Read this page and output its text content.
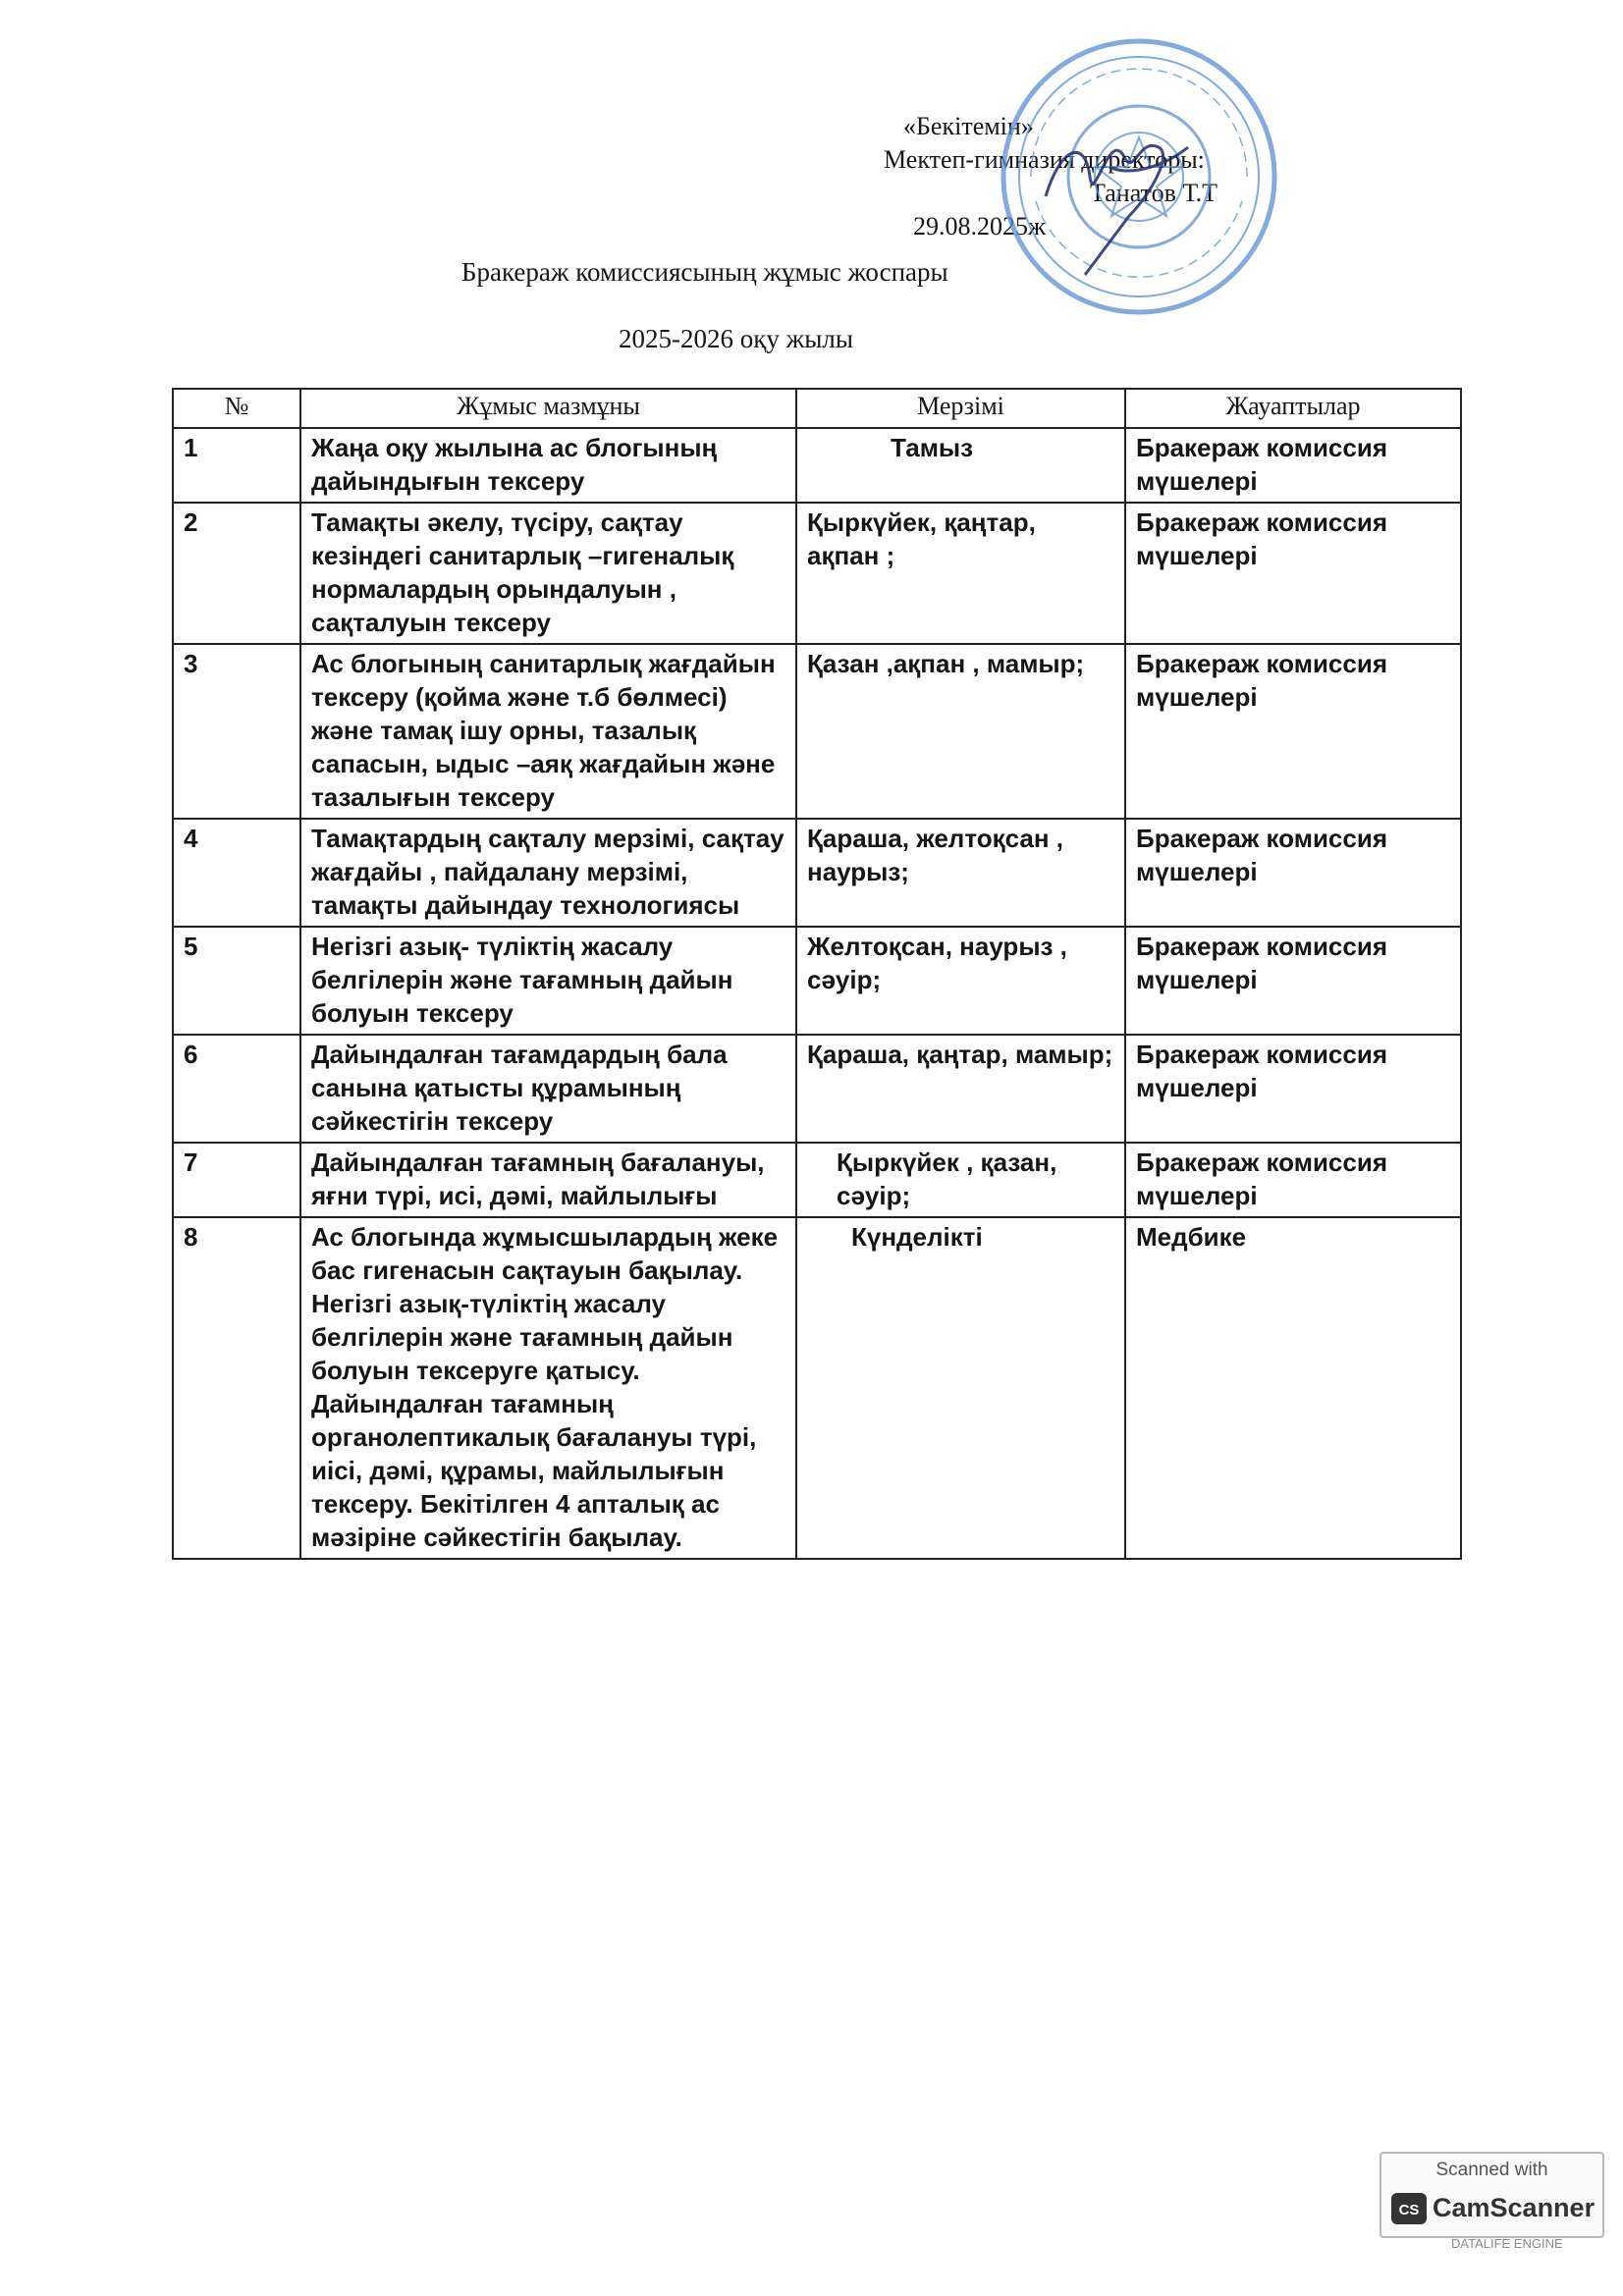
«Бекітемін»
Мектеп-гимназия директоры:
Танатов Т.Т
29.08.2025ж
Бракераж комиссиясының жұмыс жоспары
2025-2026 оқу жылы
№	Жұмыс мазмұны	Мерзімі	Жауаптылар
1	Жаңа оқу жылына ас блогының дайындығын тексеру	Тамыз	Бракераж комиссия мүшелері
2	Тамақты әкелу, түсіру, сақтау кезіндегі санитарлық –гигеналық нормалардың орындалуын , сақталуын тексеру	Қыркүйек, қаңтар, ақпан ;	Бракераж комиссия мүшелері
3	Ас блогының санитарлық жағдайын тексеру (қойма және т.б бөлмесі) және тамақ ішу орны, тазалық сапасын, ыдыс –аяқ жағдайын және тазалығын тексеру	Қазан ,ақпан , мамыр;	Бракераж комиссия мүшелері
4	Тамақтардың сақталу мерзімі, сақтау жағдайы , пайдалану мерзімі, тамақты дайындау технологиясы	Қараша, желтоқсан , наурыз;	Бракераж комиссия мүшелері
5	Негізгі азық- түліктің жасалу белгілерін және тағамның дайын болуын тексеру	Желтоқсан, наурыз , сәуір;	Бракераж комиссия мүшелері
6	Дайындалған тағамдардың бала санына қатысты құрамының сәйкестігін тексеру	Қараша, қаңтар, мамыр;	Бракераж комиссия мүшелері
7	Дайындалған тағамның бағалануы, яғни түрі, исі, дәмі, майлылығы	Қыркүйек , қазан, сәуір;	Бракераж комиссия мүшелері
8	Ас блогында жұмысшылардың жеке бас гигенасын сақтауын бақылау. Негізгі азық-түліктің жасалу белгілерін және тағамның дайын болуын тексеруге қатысу. Дайындалған тағамның органолептикалық бағалануы түрі, иісі, дәмі, құрамы, майлылығын тексеру. Бекітілген 4 апталық ас мәзіріне сәйкестігін бақылау.	Күнделікті	Медбике
Scanned with
CS CamScanner
DATALIFE ENGINE
